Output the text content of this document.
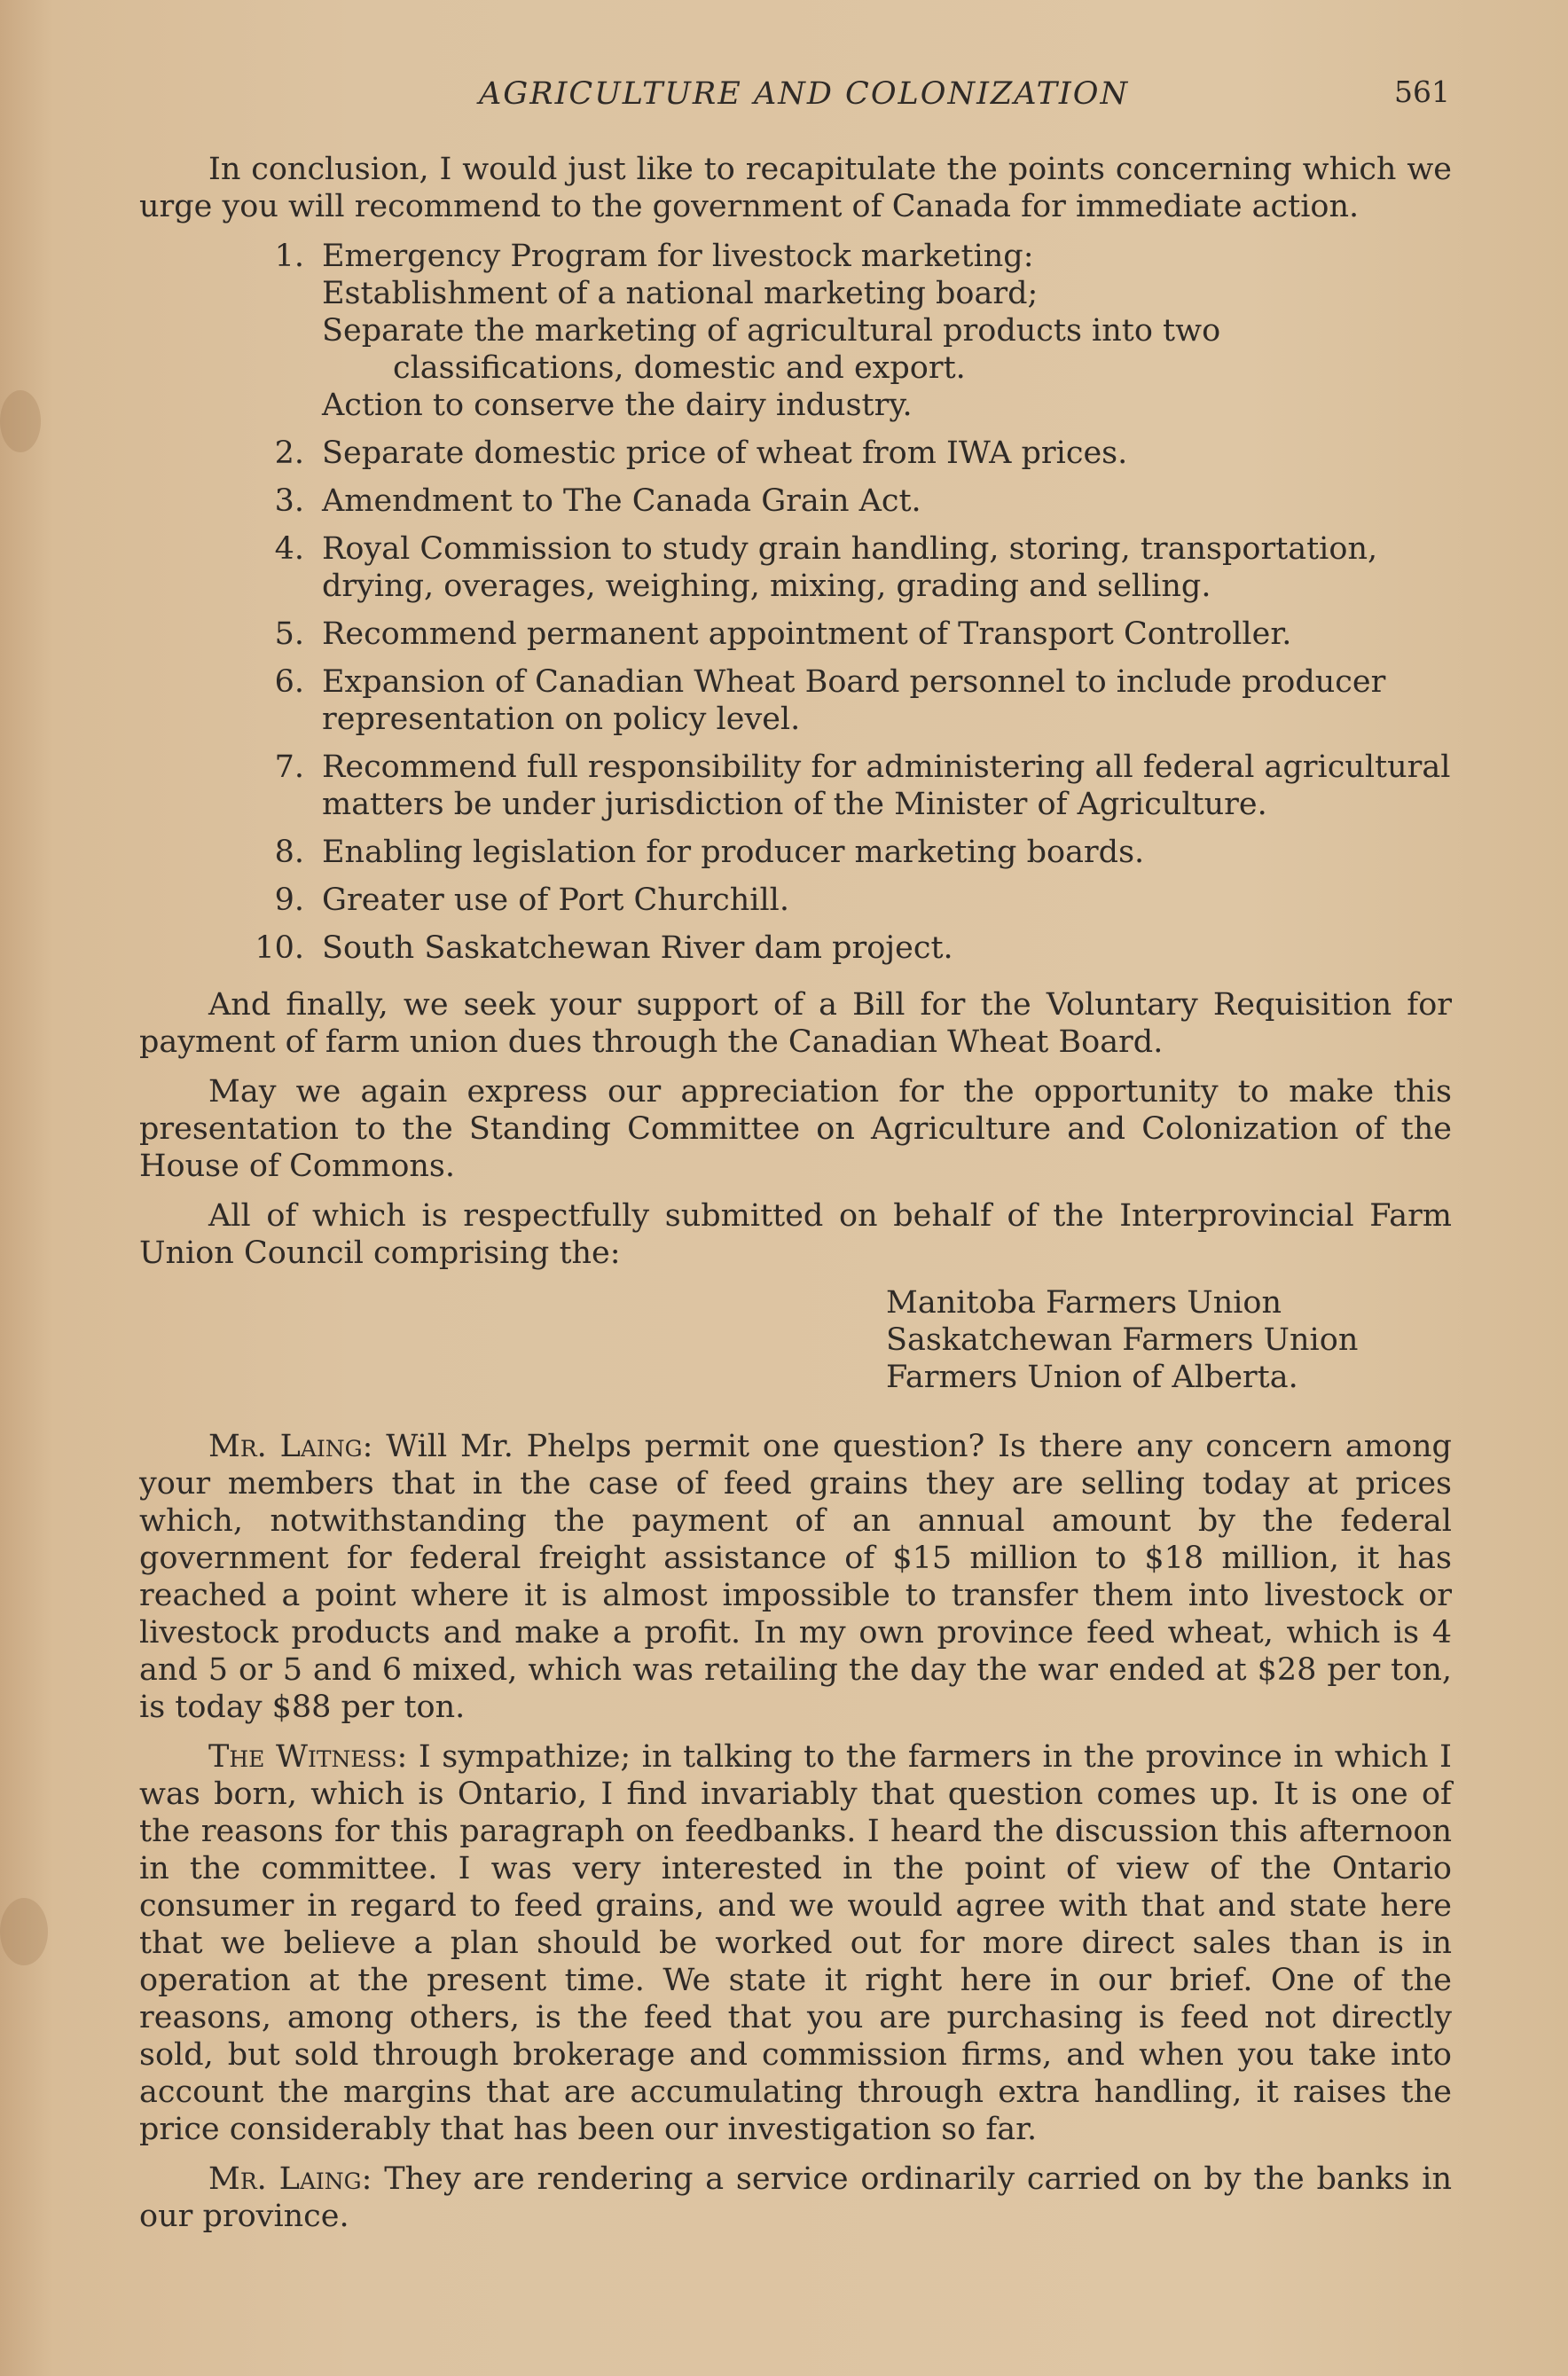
AGRICULTURE AND COLONIZATION	561

In conclusion, I would just like to recapitulate the points concerning which we urge you will recommend to the government of Canada for immediate action.

1 . Emergency Program for livestock marketing:
Establishment of a national marketing board;
Separate the marketing of agricultural products into two classifications, domestic and export.
Action to conserve the dairy industry.
2 . Separate domestic price of wheat from IWA prices.
3 . Amendment to The Canada Grain Act.
4 . Royal Commission to study grain handling, storing, transportation, drying, overages, weighing, mixing, grading and selling.
5 . Recommend permanent appointment of Transport Controller.
6 . Expansion of Canadian Wheat Board personnel to include producer representation on policy level.
7 . Recommend full responsibility for administering all federal agricultural matters be under jurisdiction of the Minister of Agriculture.
8 . Enabling legislation for producer marketing boards.
9 . Greater use of Port Churchill.
10 . South Saskatchewan River dam project.

And finally, we seek your support of a Bill for the Voluntary Requisition for payment of farm union dues through the Canadian Wheat Board.

May we again express our appreciation for the opportunity to make this presentation to the Standing Committee on Agriculture and Colonization of the House of Commons.

All of which is respectfully submitted on behalf of the Interprovincial Farm Union Council comprising the:

Manitoba Farmers Union
Saskatchewan Farmers Union
Farmers Union of Alberta.

Mr. Laing: Will Mr. Phelps permit one question? Is there any concern among your members that in the case of feed grains they are selling today at prices which, notwithstanding the payment of an annual amount by the federal government for federal freight assistance of $15 million to $18 million, it has reached a point where it is almost impossible to transfer them into livestock or livestock products and make a profit. In my own province feed wheat, which is 4 and 5 or 5 and 6 mixed, which was retailing the day the war ended at $28 per ton, is today $88 per ton.

The Witness: I sympathize; in talking to the farmers in the province in which I was born, which is Ontario, I find invariably that question comes up. It is one of the reasons for this paragraph on feedbanks. I heard the discussion this afternoon in the committee. I was very interested in the point of view of the Ontario consumer in regard to feed grains, and we would agree with that and state here that we believe a plan should be worked out for more direct sales than is in operation at the present time. We state it right here in our brief. One of the reasons, among others, is the feed that you are purchasing is feed not directly sold, but sold through brokerage and commission firms, and when you take into account the margins that are accumulating through extra handling, it raises the price considerably that has been our investigation so far.

Mr. Laing: They are rendering a service ordinarily carried on by the banks in our province.
